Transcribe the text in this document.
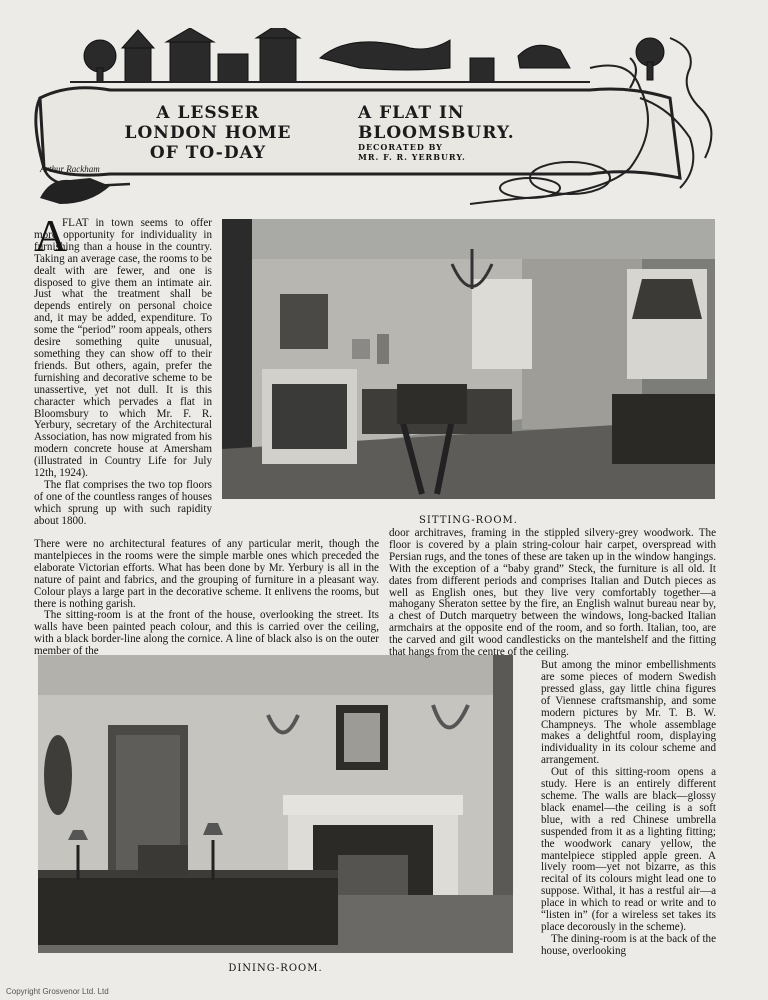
A LESSER
LONDON HOME
OF TO-DAY
A FLAT IN
BLOOMSBURY.
DECORATED BY
MR. F. R. YERBURY.
Arthur Rackham
SITTING-ROOM.
DINING-ROOM.
A

FLAT in town seems to offer more opportunity for individuality in furnishing than a house in the country. Taking an average case, the rooms to be dealt with are fewer, and one is disposed to give them an intimate air. Just what the treatment shall be depends entirely on personal choice and, it may be added, expenditure. To some the “period” room appeals, others desire something quite unusual, something they can show off to their friends. But others, again, prefer the furnishing and decorative scheme to be unassertive, yet not dull. It is this character which pervades a flat in Bloomsbury to which Mr. F. R. Yerbury, secretary of the Architectural Association, has now migrated from his modern concrete house at Amersham (illustrated in Country Life for July 12th, 1924).

The flat comprises the two top floors of one of the countless ranges of houses which sprung up with such rapidity about 1800.

There were no architectural features of any particular merit, though the mantelpieces in the rooms were the simple marble ones which preceded the elaborate Victorian efforts. What has been done by Mr. Yerbury is all in the nature of paint and fabrics, and the grouping of furniture in a pleasant way. Colour plays a large part in the decorative scheme. It enlivens the rooms, but there is nothing garish.

The sitting-room is at the front of the house, overlooking the street. Its walls have been painted peach colour, and this is carried over the ceiling, with a black border-line along the cornice. A line of black also is on the outer member of the

door architraves, framing in the stippled silvery-grey woodwork. The floor is covered by a plain string-colour hair carpet, overspread with Persian rugs, and the tones of these are taken up in the window hangings. With the exception of a “baby grand” Steck, the furniture is all old. It dates from different periods and comprises Italian and Dutch pieces as well as English ones, but they live very comfortably together—a mahogany Sheraton settee by the fire, an English walnut bureau near by, a chest of Dutch marquetry between the windows, long-backed Italian armchairs at the opposite end of the room, and so forth. Italian, too, are the carved and gilt wood candlesticks on the mantelshelf and the fitting that hangs from the centre of the ceiling.

But among the minor embellishments are some pieces of modern Swedish pressed glass, gay little china figures of Viennese craftsmanship, and some modern pictures by Mr. T. B. W. Champneys. The whole assemblage makes a delightful room, displaying individuality in its colour scheme and arrangement.

Out of this sitting-room opens a study. Here is an entirely different scheme. The walls are black—glossy black enamel—the ceiling is a soft blue, with a red Chinese umbrella suspended from it as a lighting fitting; the woodwork canary yellow, the mantelpiece stippled apple green. A lively room—yet not bizarre, as this recital of its colours might lead one to suppose. Withal, it has a restful air—a place in which to read or write and to “listen in” (for a wireless set takes its place decorously in the scheme).

The dining-room is at the back of the house, overlooking

Copyright Grosvenor Ltd. Ltd
